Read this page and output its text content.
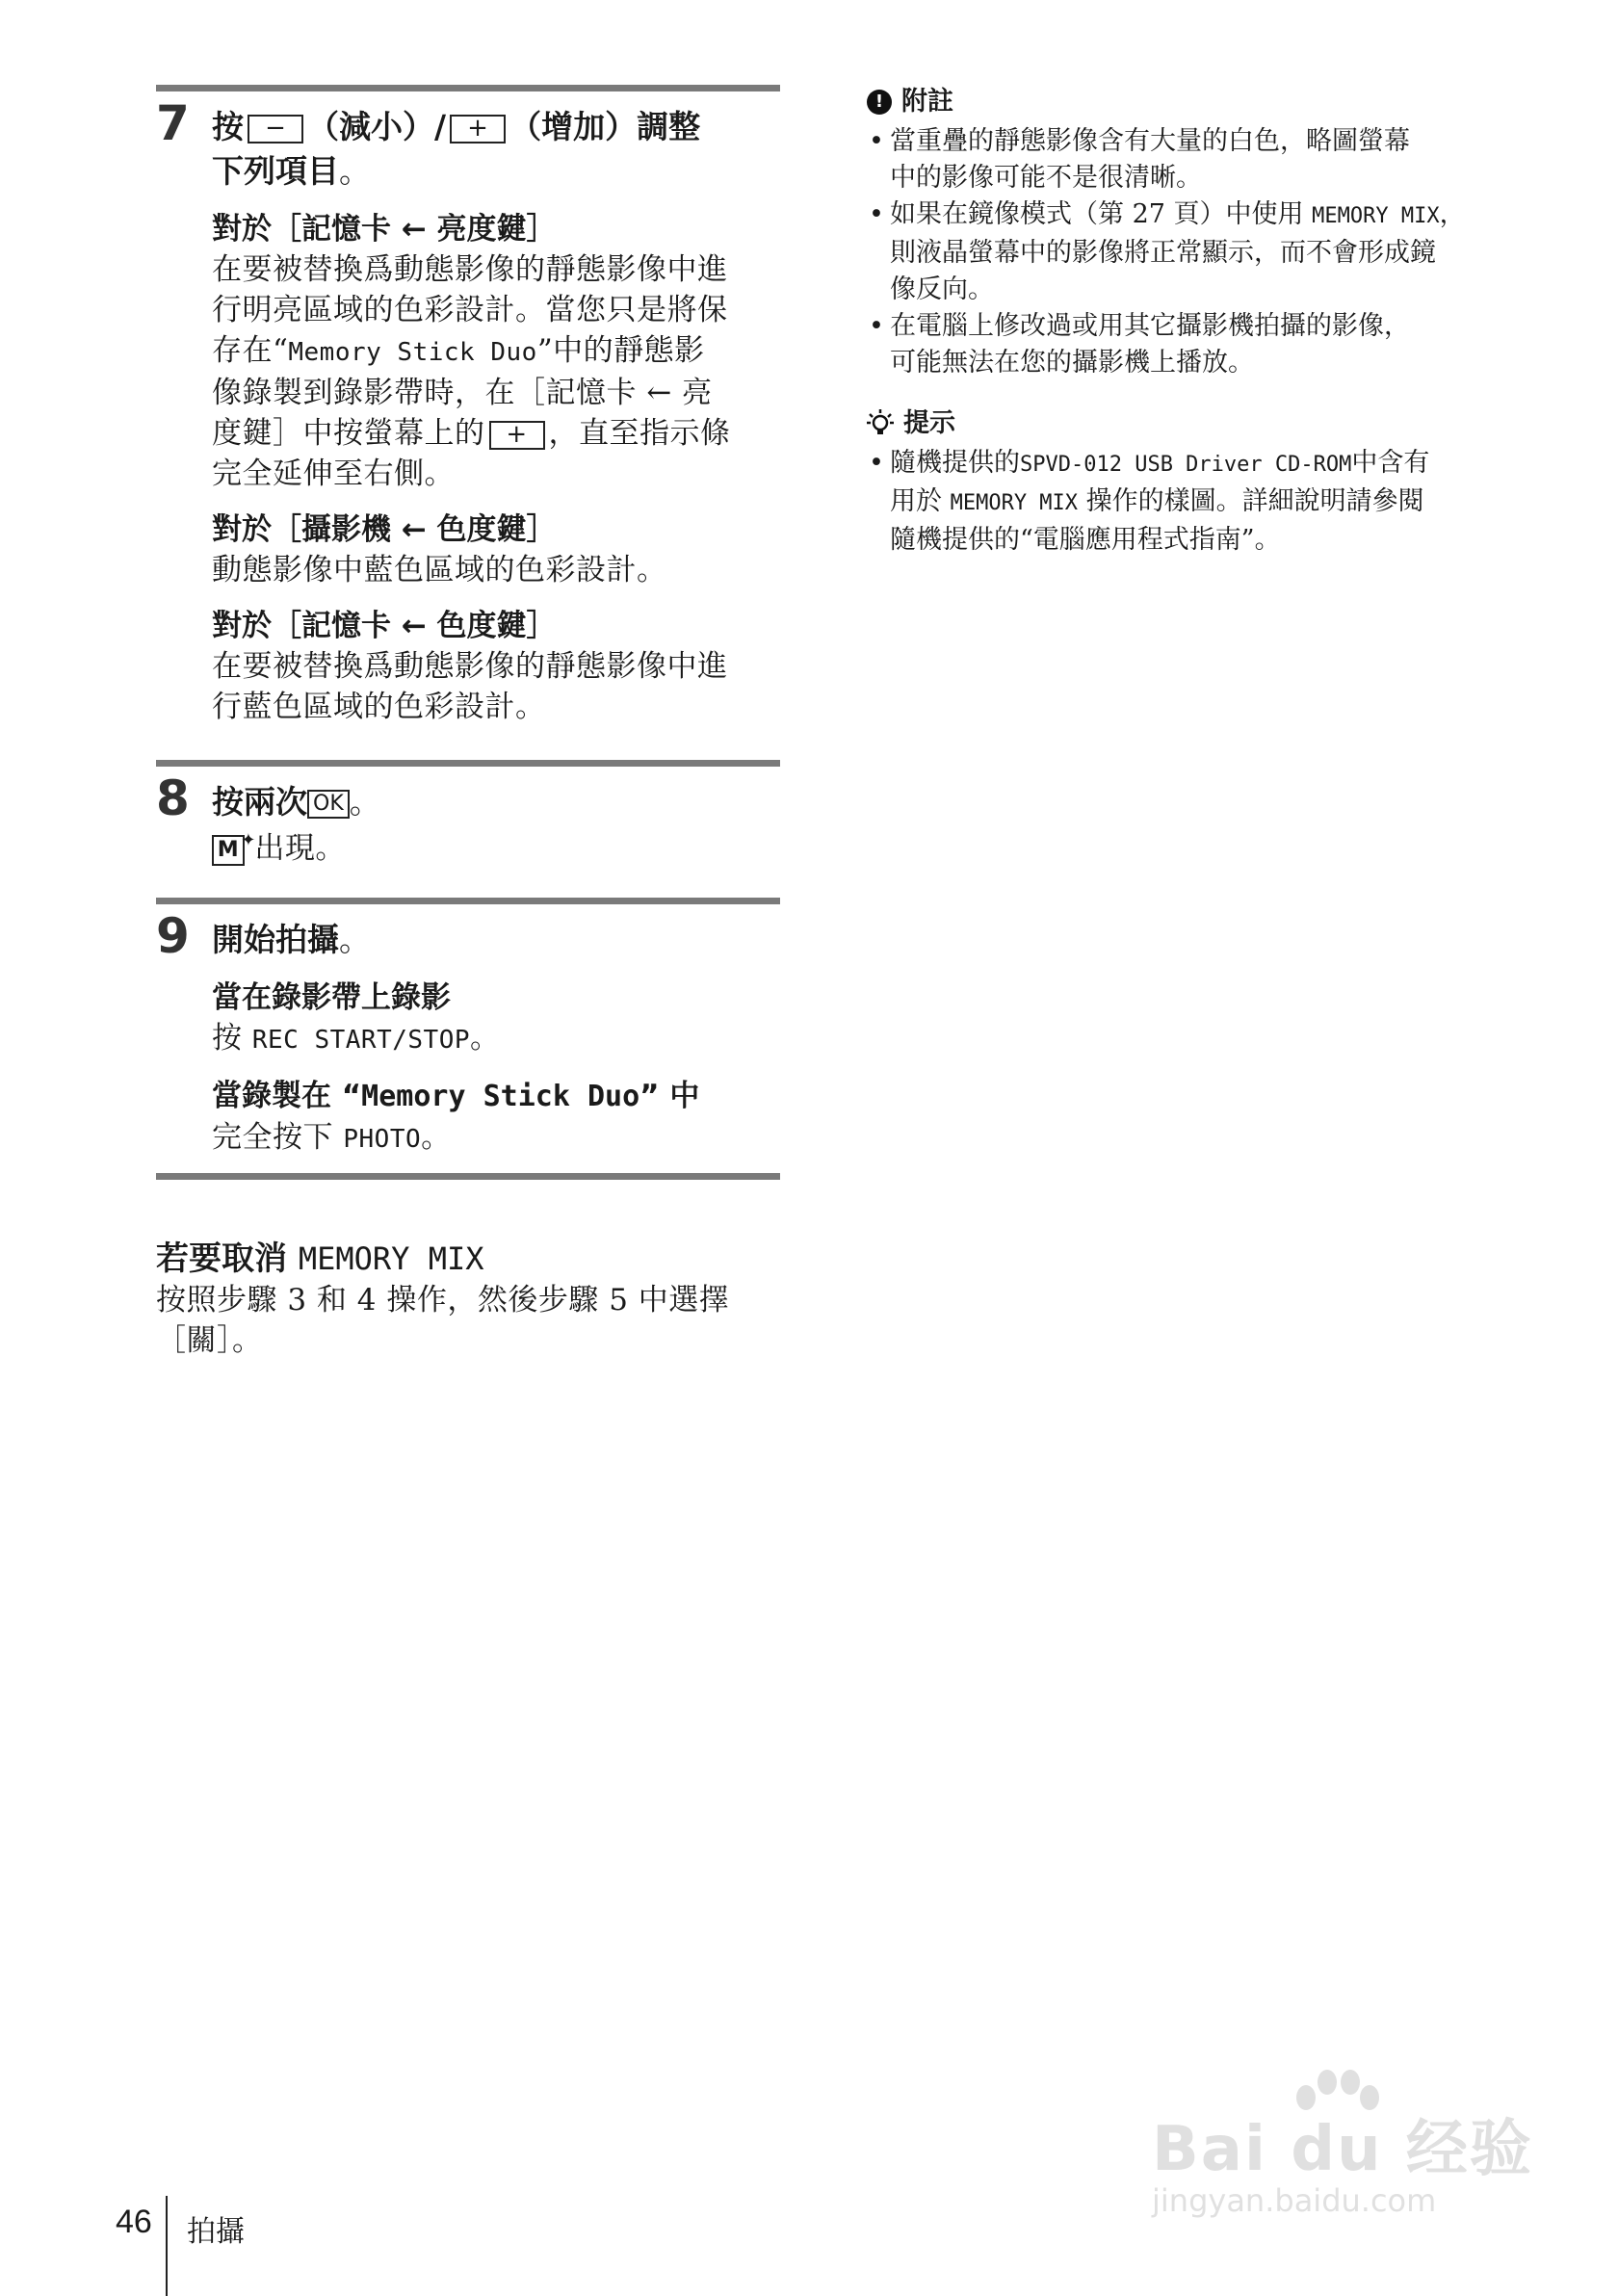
7 按 − （減小）/ + （增加）調整
下列項目。
對於［記憶卡 ← 亮度鍵］
在要被替換爲動態影像的靜態影像中進
行明亮區域的色彩設計。當您只是將保
存在“Memory Stick Duo”中的靜態影
像錄製到錄影帶時，在［記憶卡 ← 亮
度鍵］中按螢幕上的 + ，直至指示條
完全延伸至右側。
對於［攝影機 ← 色度鍵］
動態影像中藍色區域的色彩設計。
對於［記憶卡 ← 色度鍵］
在要被替換爲動態影像的靜態影像中進
行藍色區域的色彩設計。
8 按兩次 OK 。
M ✦
出現。
9 開始拍攝。
當在錄影帶上錄影
按 REC START/STOP。
當錄製在 “Memory Stick Duo” 中
完全按下 PHOTO。
若要取消 MEMORY MIX
按照步驟 3 和 4 操作，然後步驟 5 中選擇
［關］。
! 附註
• 當重疊的靜態影像含有大量的白色，略圖螢幕
中的影像可能不是很清晰。
• 如果在鏡像模式（第 27 頁）中使用 MEMORY MIX，
則液晶螢幕中的影像將正常顯示，而不會形成鏡
像反向。
• 在電腦上修改過或用其它攝影機拍攝的影像，
可能無法在您的攝影機上播放。
提示
• 隨機提供的SPVD-012 USB Driver CD-ROM中含有
用於 MEMORY MIX 操作的樣圖。詳細說明請參閱
隨機提供的“電腦應用程式指南”。
46 拍攝
Bai du 经验
jingyan.baidu.com
